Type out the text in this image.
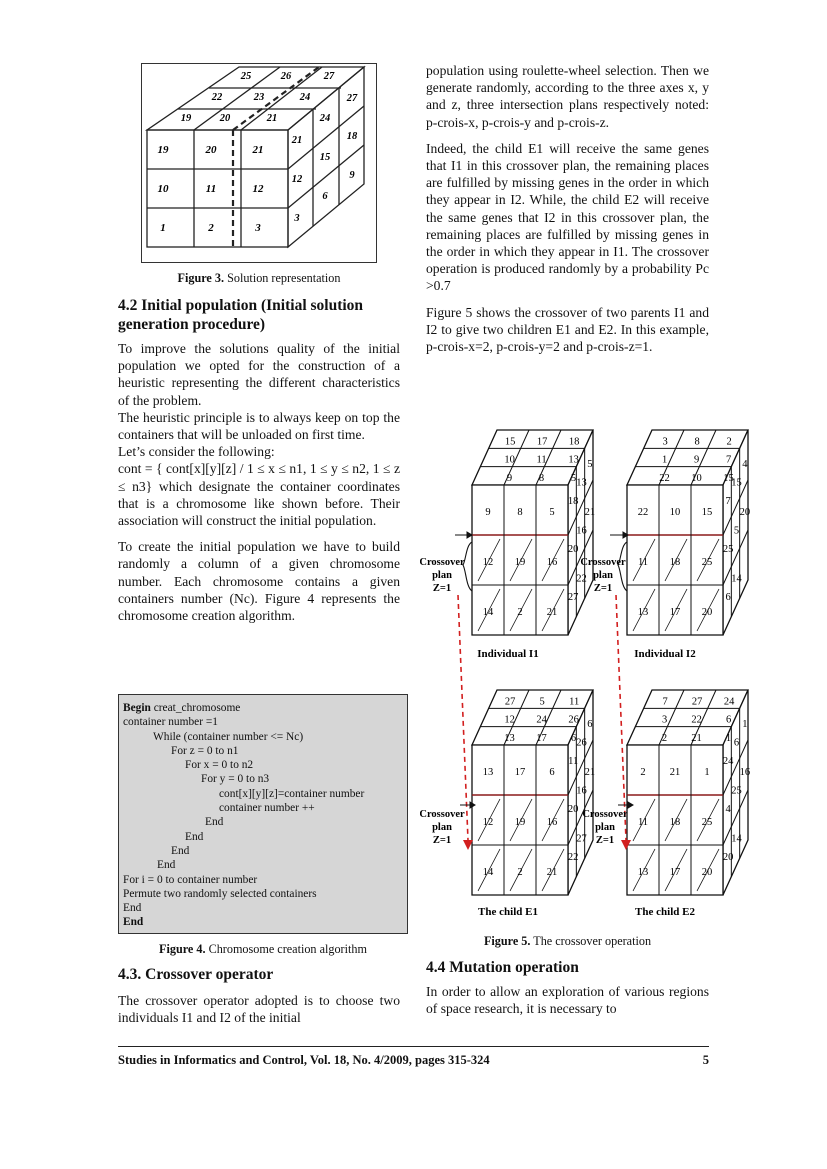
19	20	21
10	11	12
1	2	3
25	26	27
22	23	24
19	20	21
27
24
21	18
15
12	9
6
3
Figure 3. Solution representation
4.2 Initial population (Initial solution generation procedure)

To improve the solutions quality of the initial population we opted for the construction of a heuristic representing the different characteristics of the problem.

The heuristic principle is to always keep on top the containers that will be unloaded on first time.

Let’s consider the following:

cont = { cont[x][y][z] / 1 ≤ x ≤ n1, 1 ≤ y ≤ n2, 1 ≤ z ≤ n3} which designate the container coordinates that is a chromosome like shown before. Their association will construct the initial population.

To create the initial population we have to build randomly a column of a given chromosome number. Each chromosome contains a given containers number (Nc). Figure 4 represents the chromosome creation algorithm.

Begin creat_chromosome
container number =1
While (container number <= Nc)
For z = 0 to n1
For x = 0 to n2
For y = 0 to n3
cont[x][y][z]=container number
container number ++
End
End
End
End
For i = 0 to container number
Permute two randomly selected containers
End
End
Figure 4. Chromosome creation algorithm
4.3. Crossover operator

The crossover operator adopted is to choose two individuals I1 and I2 of the initial

population using roulette-wheel selection. Then we generate randomly, according to the three axes x, y and z, three intersection plans respectively noted: p-crois-x, p-crois-y and p-crois-z.

Indeed, the child E1 will receive the same genes that I1 in this crossover plan, the remaining places are fulfilled by missing genes in the order in which they appear in I2. While, the child E2 will receive the same genes that I2 in this crossover plan, the remaining places are fulfilled by missing genes in the order in which they appear in I1. The crossover operation is produced randomly by a probability Pc >0.7

Figure 5 shows the crossover of two parents I1 and I2 to give two children E1 and E2. In this example, p-crois-x=2, p-crois-y=2 and p-crois-z=1.

15 17 18
10 11 13
9	8	5
9	8	5
12 19 16
14 2 21
18
13
5
20
16
21
27
22
3	8	2
1	9	7
22 10 15
22 10 15
11 18 25
13 17 20
7
15
4
25
5
20
6
14
27 5 11
12 24 26
13 17 6
13 17 6
12 19 16
14 2 21
11
26
6
20
16
21
22
27
7 27 24
3 22 6
2 21 1
2 21 1
11 18 25
13 17 20
24
6
1
4
25
16
20
14
Crossover
plan
Z=1
Crossover
plan
Z=1
Crossover
plan
Z=1
Crossover
plan
Z=1
Individual I1	Individual I2
The child E1	The child E2
Figure 5. The crossover operation
4.4 Mutation operation

In order to allow an exploration of various regions of space research, it is necessary to

Studies in Informatics and Control, Vol. 18, No. 4/2009, pages 315-324	5
